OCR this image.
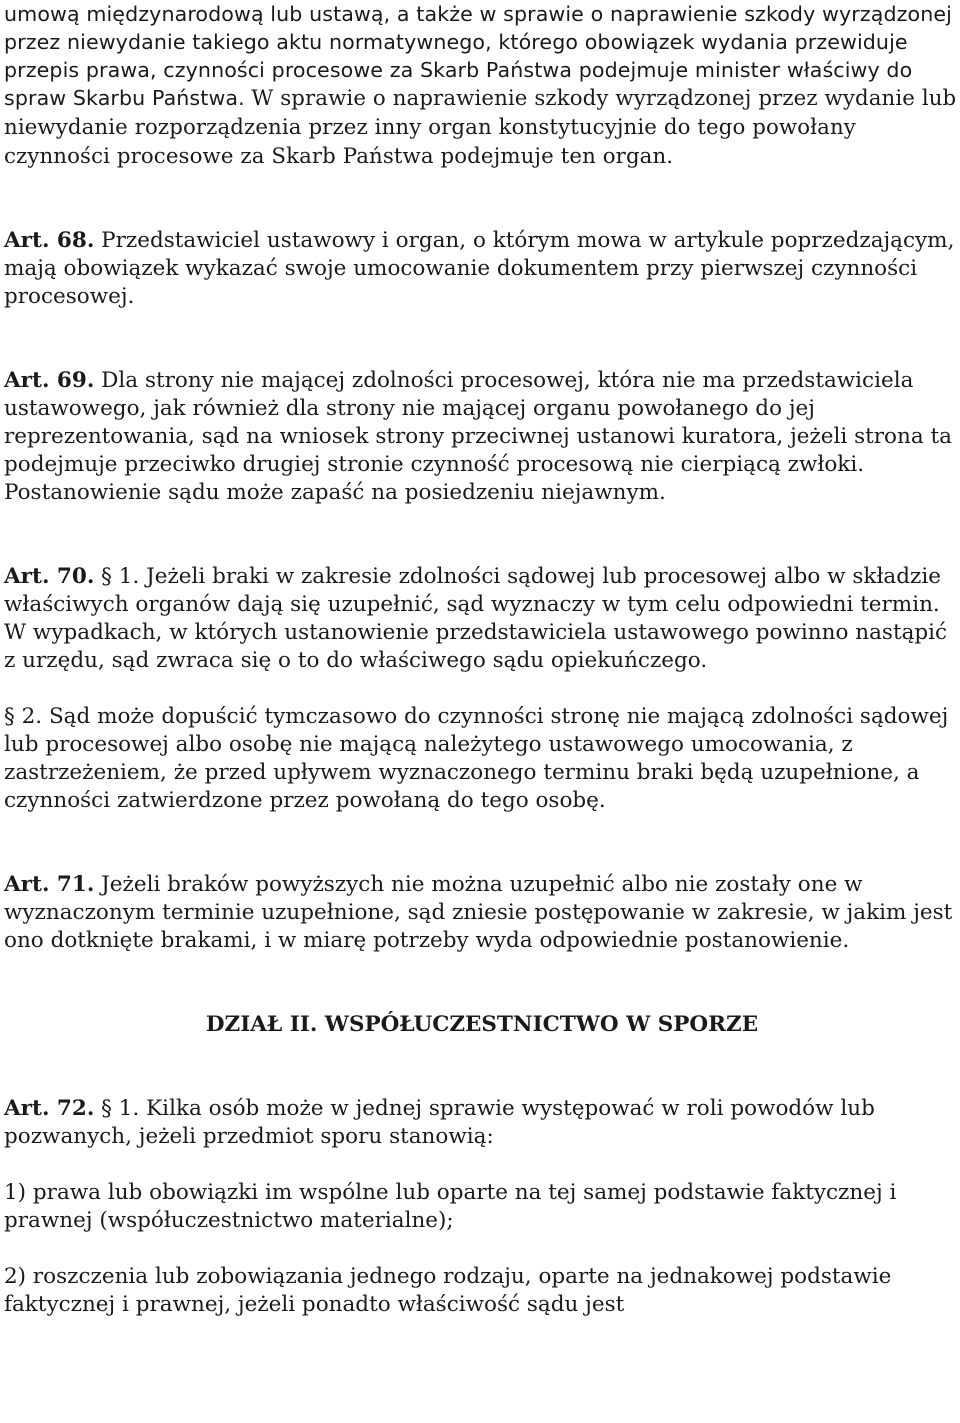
umową międzynarodową lub ustawą, a także w sprawie o naprawienie szkody wyrządzonej przez niewydanie takiego aktu normatywnego, którego obowiązek wydania przewiduje przepis prawa, czynności procesowe za Skarb Państwa podejmuje minister właściwy do spraw Skarbu Państwa. W sprawie o naprawienie szkody wyrządzonej przez wydanie lub niewydanie rozporządzenia przez inny organ konstytucyjnie do tego powołany czynności procesowe za Skarb Państwa podejmuje ten organ.

Art. 68. Przedstawiciel ustawowy i organ, o którym mowa w artykule poprzedzającym, mają obowiązek wykazać swoje umocowanie dokumentem przy pierwszej czynności procesowej.

Art. 69. Dla strony nie mającej zdolności procesowej, która nie ma przedstawiciela ustawowego, jak również dla strony nie mającej organu powołanego do jej reprezentowania, sąd na wniosek strony przeciwnej ustanowi kuratora, jeżeli strona ta podejmuje przeciwko drugiej stronie czynność procesową nie cierpiącą zwłoki. Postanowienie sądu może zapaść na posiedzeniu niejawnym.

Art. 70. § 1. Jeżeli braki w zakresie zdolności sądowej lub procesowej albo w składzie właściwych organów dają się uzupełnić, sąd wyznaczy w tym celu odpowiedni termin. W wypadkach, w których ustanowienie przedstawiciela ustawowego powinno nastąpić z urzędu, sąd zwraca się o to do właściwego sądu opiekuńczego.

§ 2. Sąd może dopuścić tymczasowo do czynności stronę nie mającą zdolności sądowej lub procesowej albo osobę nie mającą należytego ustawowego umocowania, z zastrzeżeniem, że przed upływem wyznaczonego terminu braki będą uzupełnione, a czynności zatwierdzone przez powołaną do tego osobę.

Art. 71. Jeżeli braków powyższych nie można uzupełnić albo nie zostały one w wyznaczonym terminie uzupełnione, sąd zniesie postępowanie w zakresie, w jakim jest ono dotknięte brakami, i w miarę potrzeby wyda odpowiednie postanowienie.

DZIAŁ II. WSPÓŁUCZESTNICTWO W SPORZE

Art. 72. § 1. Kilka osób może w jednej sprawie występować w roli powodów lub pozwanych, jeżeli przedmiot sporu stanowią:

1) prawa lub obowiązki im wspólne lub oparte na tej samej podstawie faktycznej i prawnej (współuczestnictwo materialne);

2) roszczenia lub zobowiązania jednego rodzaju, oparte na jednakowej podstawie faktycznej i prawnej, jeżeli ponadto właściwość sądu jest
